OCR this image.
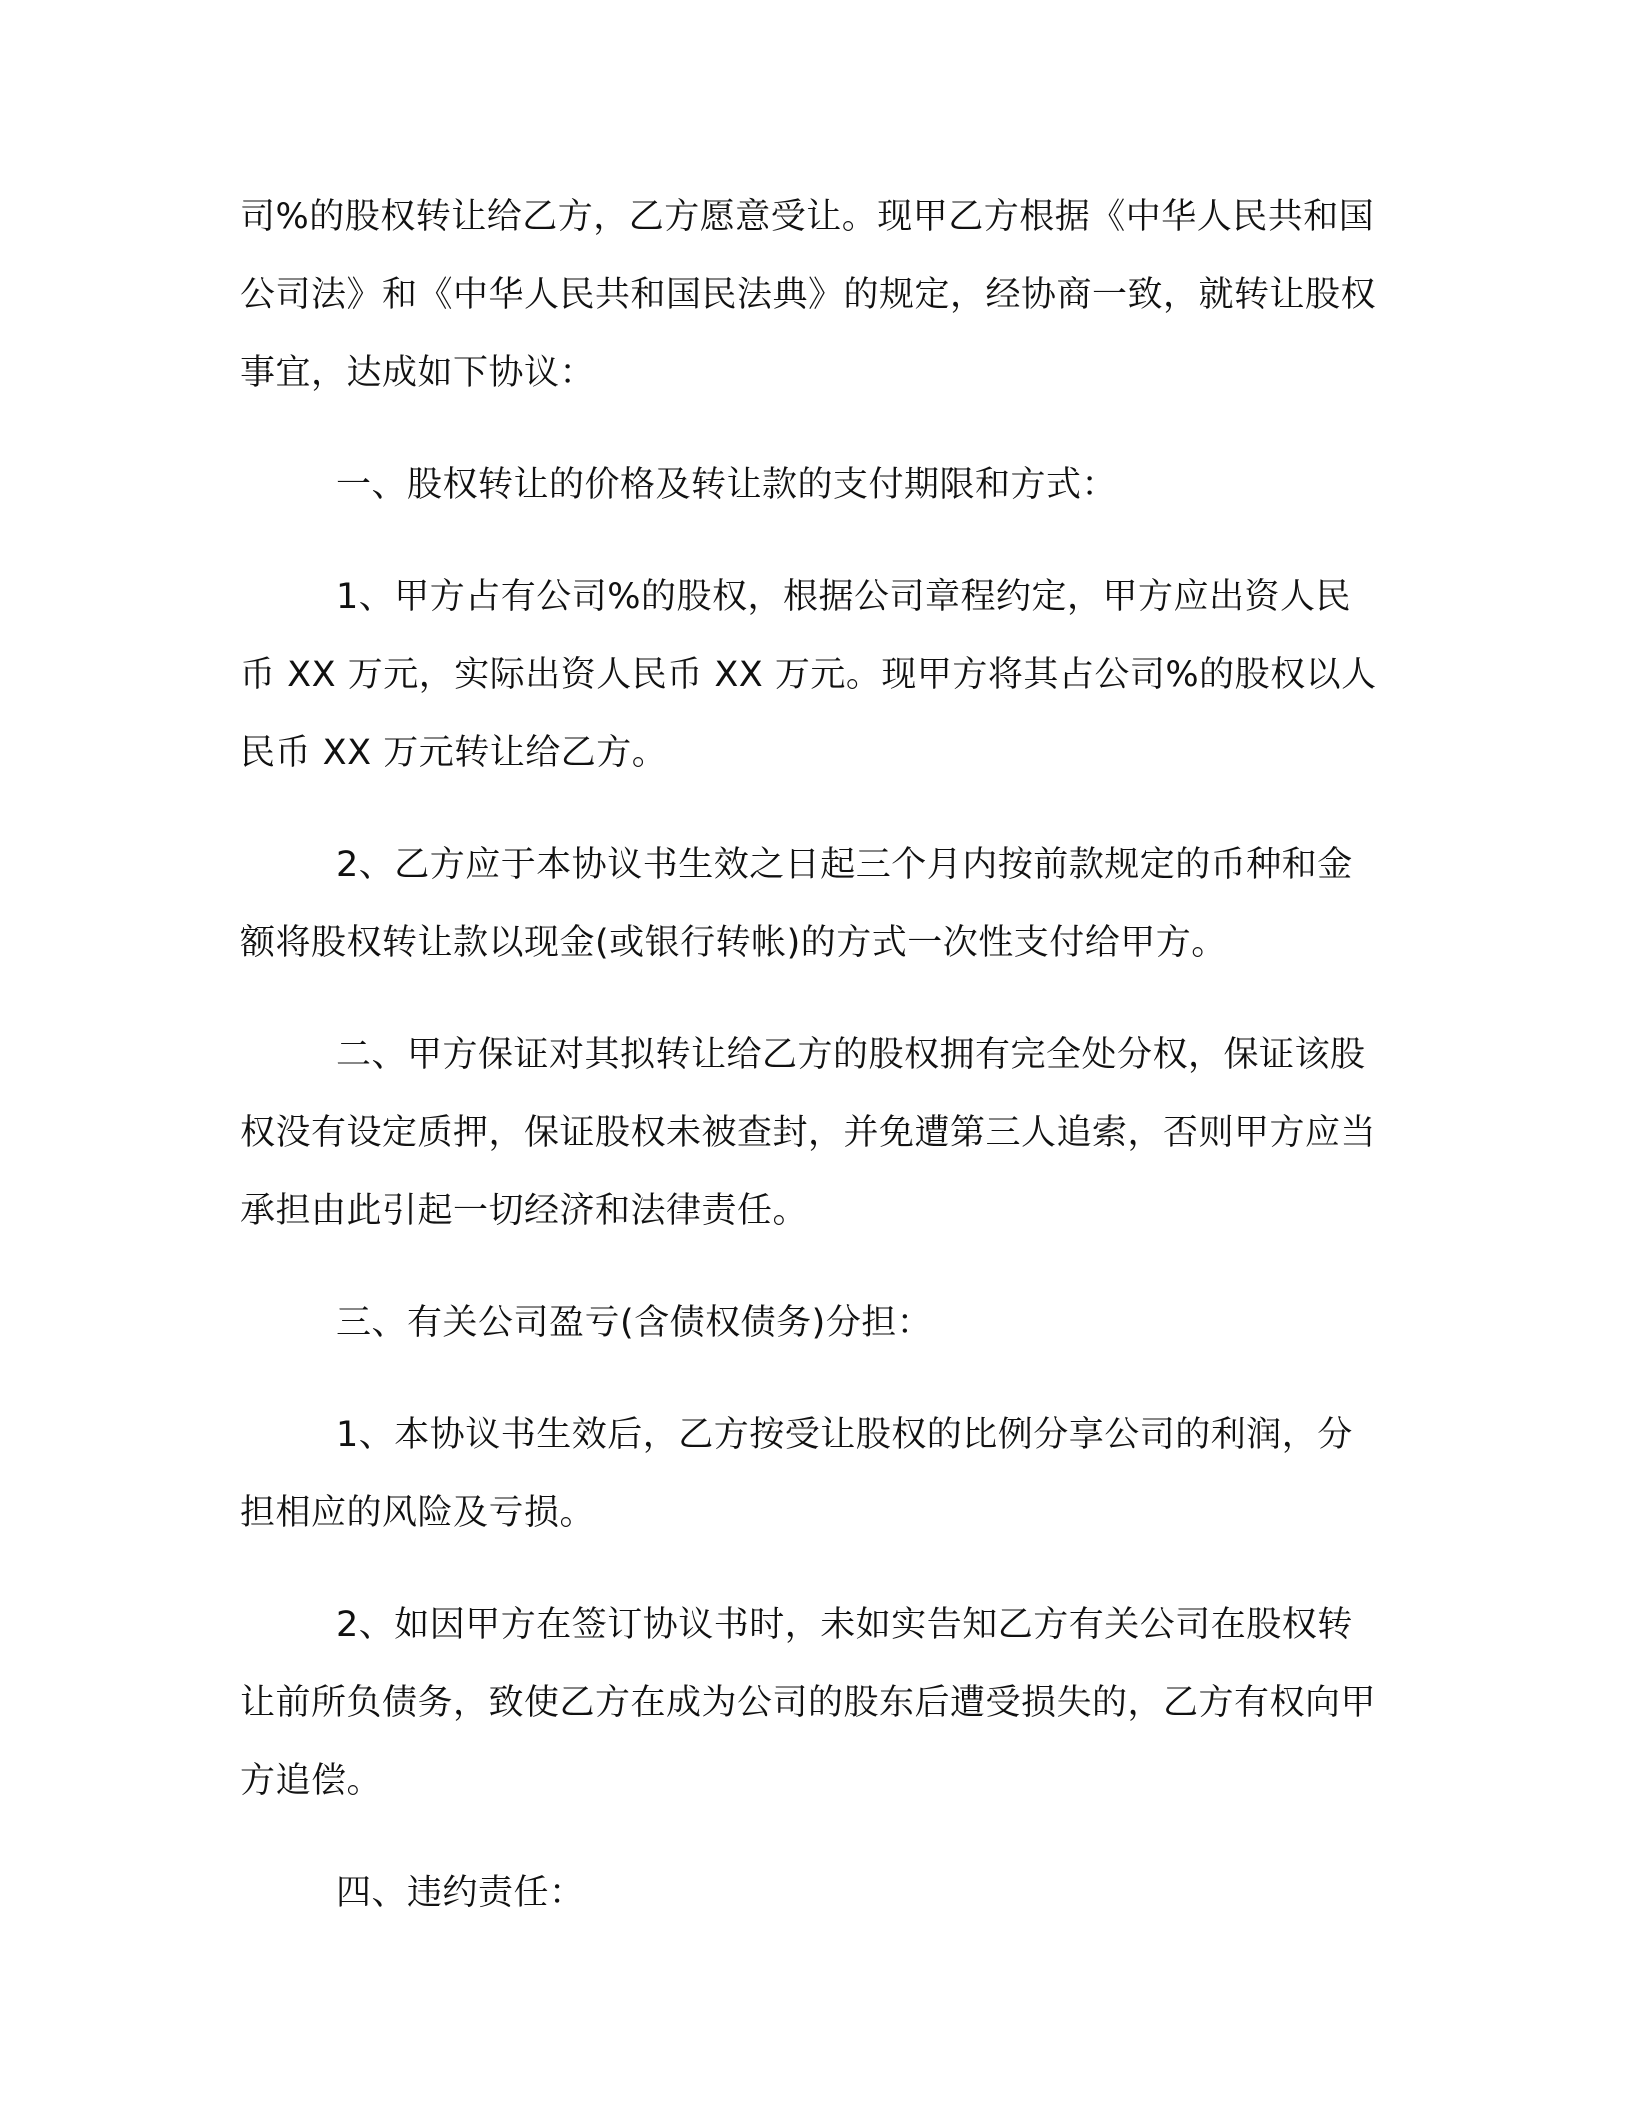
司%的股权转让给乙方，乙方愿意受让。现甲乙方根据《中华人民共和国公司法》和《中华人民共和国民法典》的规定，经协商一致，就转让股权事宜，达成如下协议：

一、股权转让的价格及转让款的支付期限和方式：

1、甲方占有公司%的股权，根据公司章程约定，甲方应出资人民币 XX 万元，实际出资人民币 XX 万元。现甲方将其占公司%的股权以人民币 XX 万元转让给乙方。

2、乙方应于本协议书生效之日起三个月内按前款规定的币种和金额将股权转让款以现金(或银行转帐)的方式一次性支付给甲方。

二、甲方保证对其拟转让给乙方的股权拥有完全处分权，保证该股权没有设定质押，保证股权未被查封，并免遭第三人追索，否则甲方应当承担由此引起一切经济和法律责任。

三、有关公司盈亏(含债权债务)分担：

1、本协议书生效后，乙方按受让股权的比例分享公司的利润，分担相应的风险及亏损。

2、如因甲方在签订协议书时，未如实告知乙方有关公司在股权转让前所负债务，致使乙方在成为公司的股东后遭受损失的，乙方有权向甲方追偿。

四、违约责任：
